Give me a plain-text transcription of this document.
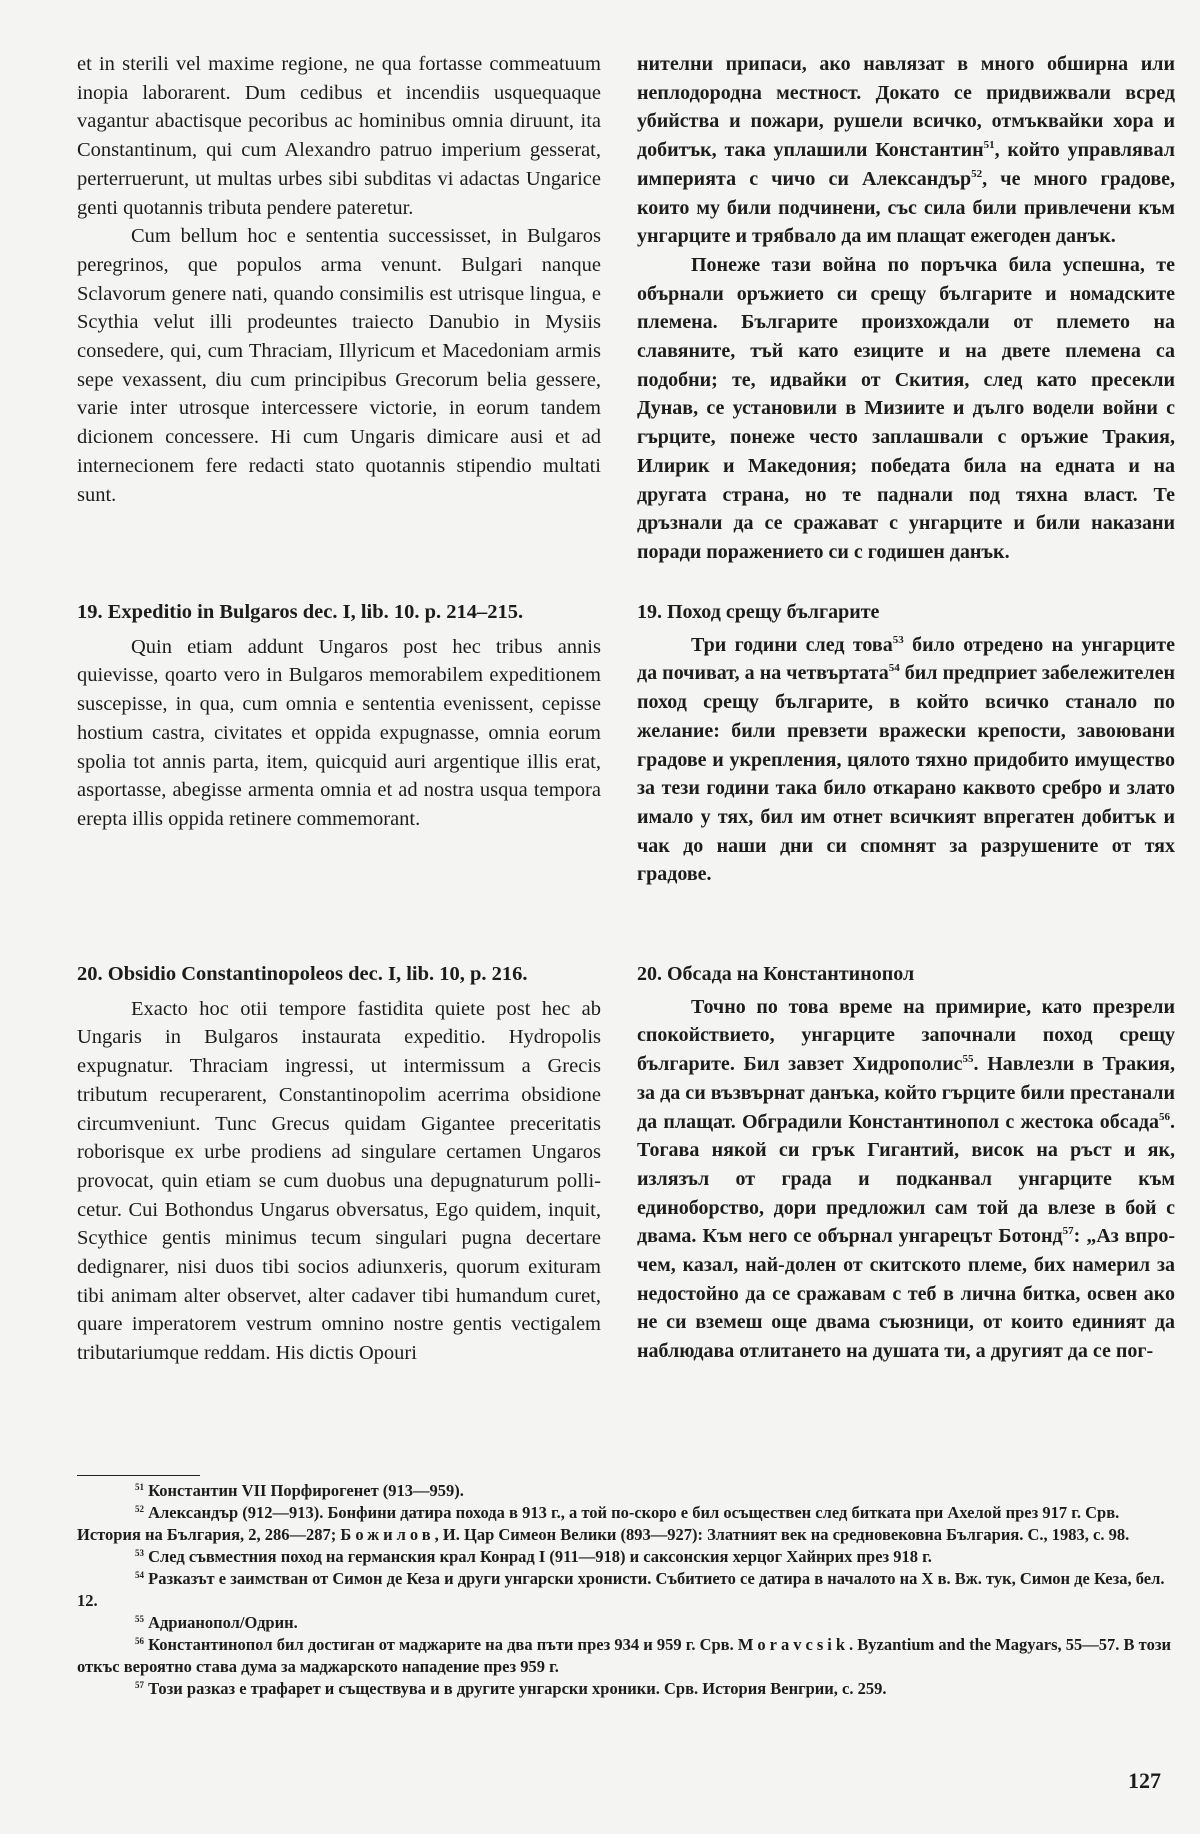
et in sterili vel maxime regione, ne qua fortasse commeatuum inopia laborarent. Dum cedibus et incendiis usquequaque vagantur abactisque pecoribus ac hominibus omnia diruunt, ita Constantinum, qui cum Alexandro patruo imperium gesserat, perterruerunt, ut multas urbes sibi subditas vi adactas Ungarice genti quotannis tributa pendere pateretur.

Cum bellum hoc e sententia successisset, in Bulgaros peregrinos, que populos arma venunt. Bulgari nanque Sclavorum genere nati, quando consimilis est utrisque lingua, e Scythia velut illi prodeuntes traiecto Danubio in Mysiis consedere, qui, cum Thraciam, Illyricum et Macedoniam armis sepe vexassent, diu cum principibus Grecorum belia gessere, varie inter utrosque intercessere victorie, in eorum tandem dicionem concessere. Hi cum Ungaris dimicare ausi et ad internecionem fere redacti stato quotannis stipendio multati sunt.

19. Expeditio in Bulgaros dec. I, lib. 10. p. 214–215.

Quin etiam addunt Ungaros post hec tribus annis quievisse, qoarto vero in Bulgaros memorabilem expeditionem suscepisse, in qua, cum omnia e sententia evenissent, cepisse hostium castra, civitates et oppida expugnasse, omnia eorum spolia tot annis parta, item, quicquid auri argentique illis erat, asportasse, abegisse armenta omnia et ad nostra usqua tempora erepta illis oppida retinere commemorant.

20. Obsidio Constantinopoleos dec. I, lib. 10, p. 216.

Exacto hoc otii tempore fastidita quiete post hec ab Ungaris in Bulgaros instaurata expeditio. Hydropolis expugnatur. Thraciam ingressi, ut intermissum a Grecis tributum recuperarent, Constantinopolim acerrima obsidione circumveniunt. Tunc Grecus quidam Gigantee preceritatis roborisque ex urbe prodiens ad singulare certamen Ungaros provocat, quin etiam se cum duobus una depugnaturum pollicetur. Cui Bothondus Ungarus obversatus, Ego quidem, inquit, Scythice gentis minimus tecum singulari pugna decertare dedignarer, nisi duos tibi socios adiunxeris, quorum exituram tibi animam alter observet, alter cadaver tibi humandum curet, quare imperatorem vestrum omnino nostre gentis vectigalem tributariumque reddam. His dictis Opouri

нителни припаси, ако навлязат в много обширна или неплодородна местност. Докато се придвижвали всред убийства и пожари, рушели всичко, отмъквайки хора и добитък, така уплашили Константин$^{51}$, който управлявал империята с чичо си Александър$^{52}$, че много градове, които му били подчинени, със сила били привлечени към унгарците и трябвало да им плащат ежегоден данък.

Понеже тази война по поръчка била успешна, те обърнали оръжието си срещу българите и номадските племена. Българите произхождали от племето на славяните, тъй като езиците и на двете племена са подобни; те, идвайки от Скития, след като пресекли Дунав, се установили в Мизиите и дълго водели войни с гърците, понеже често заплашвали с оръжие Тракия, Илирик и Македония; победата била на едната и на другата страна, но те паднали под тяхна власт. Те дръзнали да се сражават с унгарците и били наказани поради поражението си с годишен данък.

19. Поход срещу българите

Три години след това$^{53}$ било отредено на унгарците да почиват, а на четвъртата$^{54}$ бил предприет забележителен поход срещу българите, в който всичко станало по желание: били превзети вражески крепости, завоювани градове и укрепления, цялото тяхно придобито имущество за тези години така било откарано каквото сребро и злато имало у тях, бил им отнет всичкият впрегатен добитък и чак до наши дни си спомнят за разрушените от тях градове.

20. Обсада на Константинопол

Точно по това време на примирие, като презрели спокойствието, унгарците започнали поход срещу българите. Бил завзет Хидрополис$^{55}$. Навлезли в Тракия, за да си възвърнат данъка, който гърците били престанали да плащат. Обградили Константинопол с жестока обсада$^{56}$. Тогава някой си грък Гигантий, висок на ръст и як, излязъл от града и подканвал унгарците към единоборство, дори предложил сам той да влезе в бой с двама. Към него се обърнал унгарецът Ботонд$^{57}$: „Аз впрочем, казал, най-долен от скитското племе, бих намерил за недостойно да се сражавам с теб в лична битка, освен ако не си вземеш още двама съюзници, от които единият да наблюдава отлитането на душата ти, а другият да се пог-

$^{51}$ Константин VII Порфирогенет (913—959).

$^{52}$ Александър (912—913). Бонфини датира похода в 913 г., а той по-скоро е бил осъществен след битката при Ахелой през 917 г. Срв. История на България, 2, 286—287; Божилов, И. Цар Симеон Велики (893—927): Златният век на средновековна България. С., 1983, с. 98.

$^{53}$ След съвместния поход на германския крал Конрад I (911—918) и саксонския херцог Хайнрих през 918 г.

$^{54}$ Разказът е заимстван от Симон де Кеза и други унгарски хронисти. Събитието се датира в началото на X в. Вж. тук, Симон де Кеза, бел. 12.

$^{55}$ Адрианопол/Одрин.

$^{56}$ Константинопол бил достиган от маджарите на два пъти през 934 и 959 г. Срв. Moravcsik. Byzantium and the Magyars, 55—57. В този откъс вероятно става дума за маджарското нападение през 959 г.

$^{57}$ Този разказ е трафарет и съществува и в другите унгарски хроники. Срв. История Венгрии, с. 259.

127
